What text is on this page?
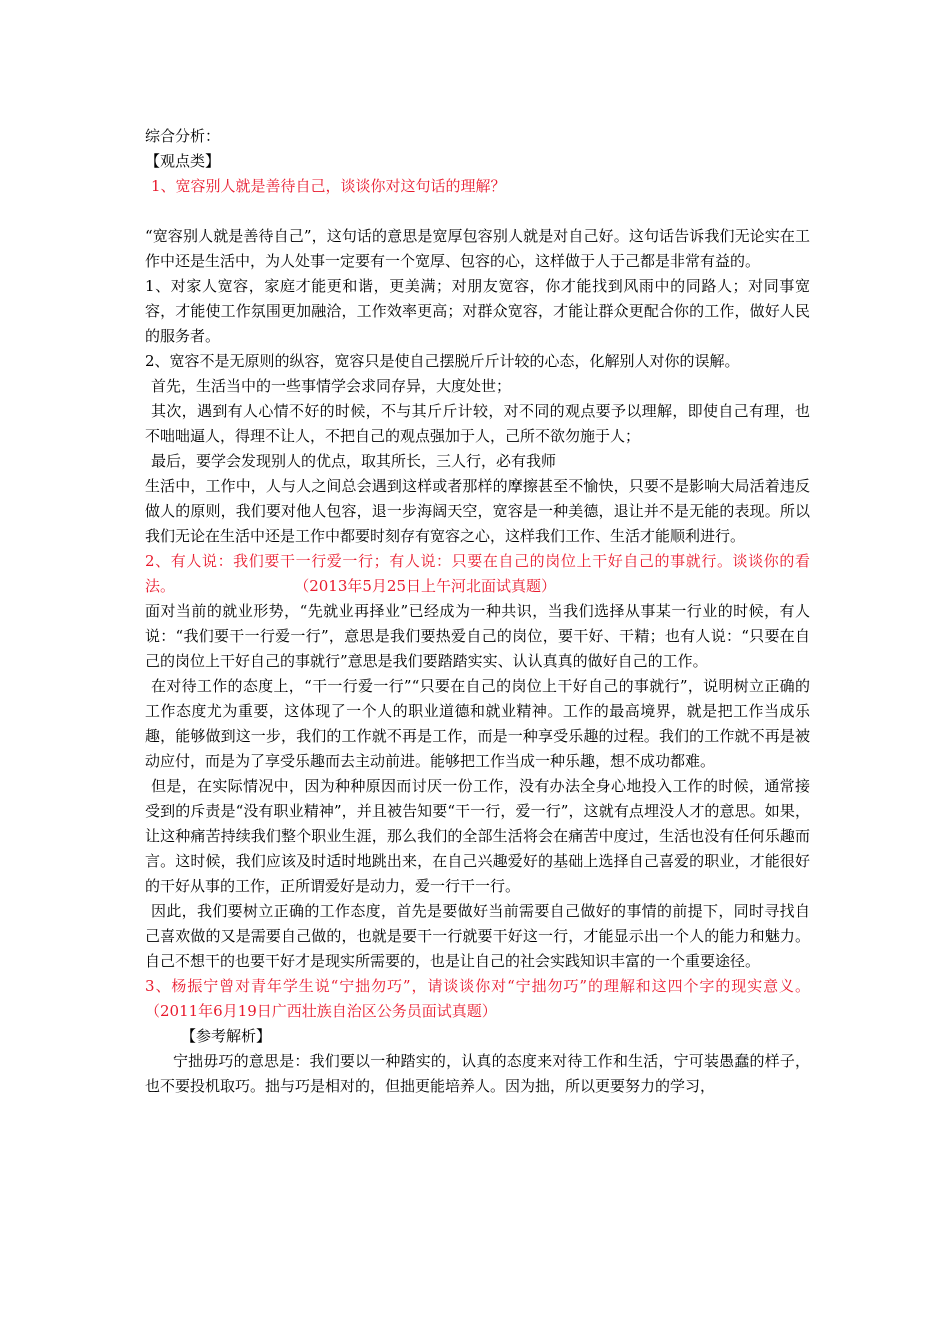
综合分析：

【观点类】

1、宽容别人就是善待自己，谈谈你对这句话的理解？

“宽容别人就是善待自己”，这句话的意思是宽厚包容别人就是对自己好。这句话告诉我们无论实在工作中还是生活中，为人处事一定要有一个宽厚、包容的心，这样做于人于己都是非常有益的。

1、对家人宽容，家庭才能更和谐，更美满；对朋友宽容，你才能找到风雨中的同路人；对同事宽容，才能使工作氛围更加融洽，工作效率更高；对群众宽容，才能让群众更配合你的工作，做好人民的服务者。

2、宽容不是无原则的纵容，宽容只是使自己摆脱斤斤计较的心态，化解别人对你的误解。

首先，生活当中的一些事情学会求同存异，大度处世；

其次，遇到有人心情不好的时候，不与其斤斤计较，对不同的观点要予以理解，即使自己有理，也不咄咄逼人，得理不让人，不把自己的观点强加于人，己所不欲勿施于人；

最后，要学会发现别人的优点，取其所长，三人行，必有我师

生活中，工作中，人与人之间总会遇到这样或者那样的摩擦甚至不愉快，只要不是影响大局活着违反做人的原则，我们要对他人包容，退一步海阔天空，宽容是一种美德，退让并不是无能的表现。所以我们无论在生活中还是工作中都要时刻存有宽容之心，这样我们工作、生活才能顺利进行。

2、有人说：我们要干一行爱一行；有人说：只要在自己的岗位上干好自己的事就行。谈谈你的看法。                         （2013年5月25日上午河北面试真题）

面对当前的就业形势，“先就业再择业”已经成为一种共识，当我们选择从事某一行业的时候，有人说：“我们要干一行爱一行”，意思是我们要热爱自己的岗位，要干好、干精；也有人说：“只要在自己的岗位上干好自己的事就行”意思是我们要踏踏实实、认认真真的做好自己的工作。

在对待工作的态度上，“干一行爱一行”“只要在自己的岗位上干好自己的事就行”，说明树立正确的工作态度尤为重要，这体现了一个人的职业道德和就业精神。工作的最高境界，就是把工作当成乐趣，能够做到这一步，我们的工作就不再是工作，而是一种享受乐趣的过程。我们的工作就不再是被动应付，而是为了享受乐趣而去主动前进。能够把工作当成一种乐趣，想不成功都难。

但是，在实际情况中，因为种种原因而讨厌一份工作，没有办法全身心地投入工作的时候，通常接受到的斥责是“没有职业精神”，并且被告知要“干一行，爱一行”，这就有点埋没人才的意思。如果，让这种痛苦持续我们整个职业生涯，那么我们的全部生活将会在痛苦中度过，生活也没有任何乐趣而言。这时候，我们应该及时适时地跳出来，在自己兴趣爱好的基础上选择自己喜爱的职业，才能很好的干好从事的工作，正所谓爱好是动力，爱一行干一行。

因此，我们要树立正确的工作态度，首先是要做好当前需要自己做好的事情的前提下，同时寻找自己喜欢做的又是需要自己做的，也就是要干一行就要干好这一行，才能显示出一个人的能力和魅力。自己不想干的也要干好才是现实所需要的，也是让自己的社会实践知识丰富的一个重要途径。

3、杨振宁曾对青年学生说“宁拙勿巧”，请谈谈你对“宁拙勿巧”的理解和这四个字的现实意义。（2011年6月19日广西壮族自治区公务员面试真题）

【参考解析】

宁拙毋巧的意思是：我们要以一种踏实的，认真的态度来对待工作和生活，宁可装愚蠢的样子，也不要投机取巧。拙与巧是相对的，但拙更能培养人。因为拙，所以更要努力的学习，
